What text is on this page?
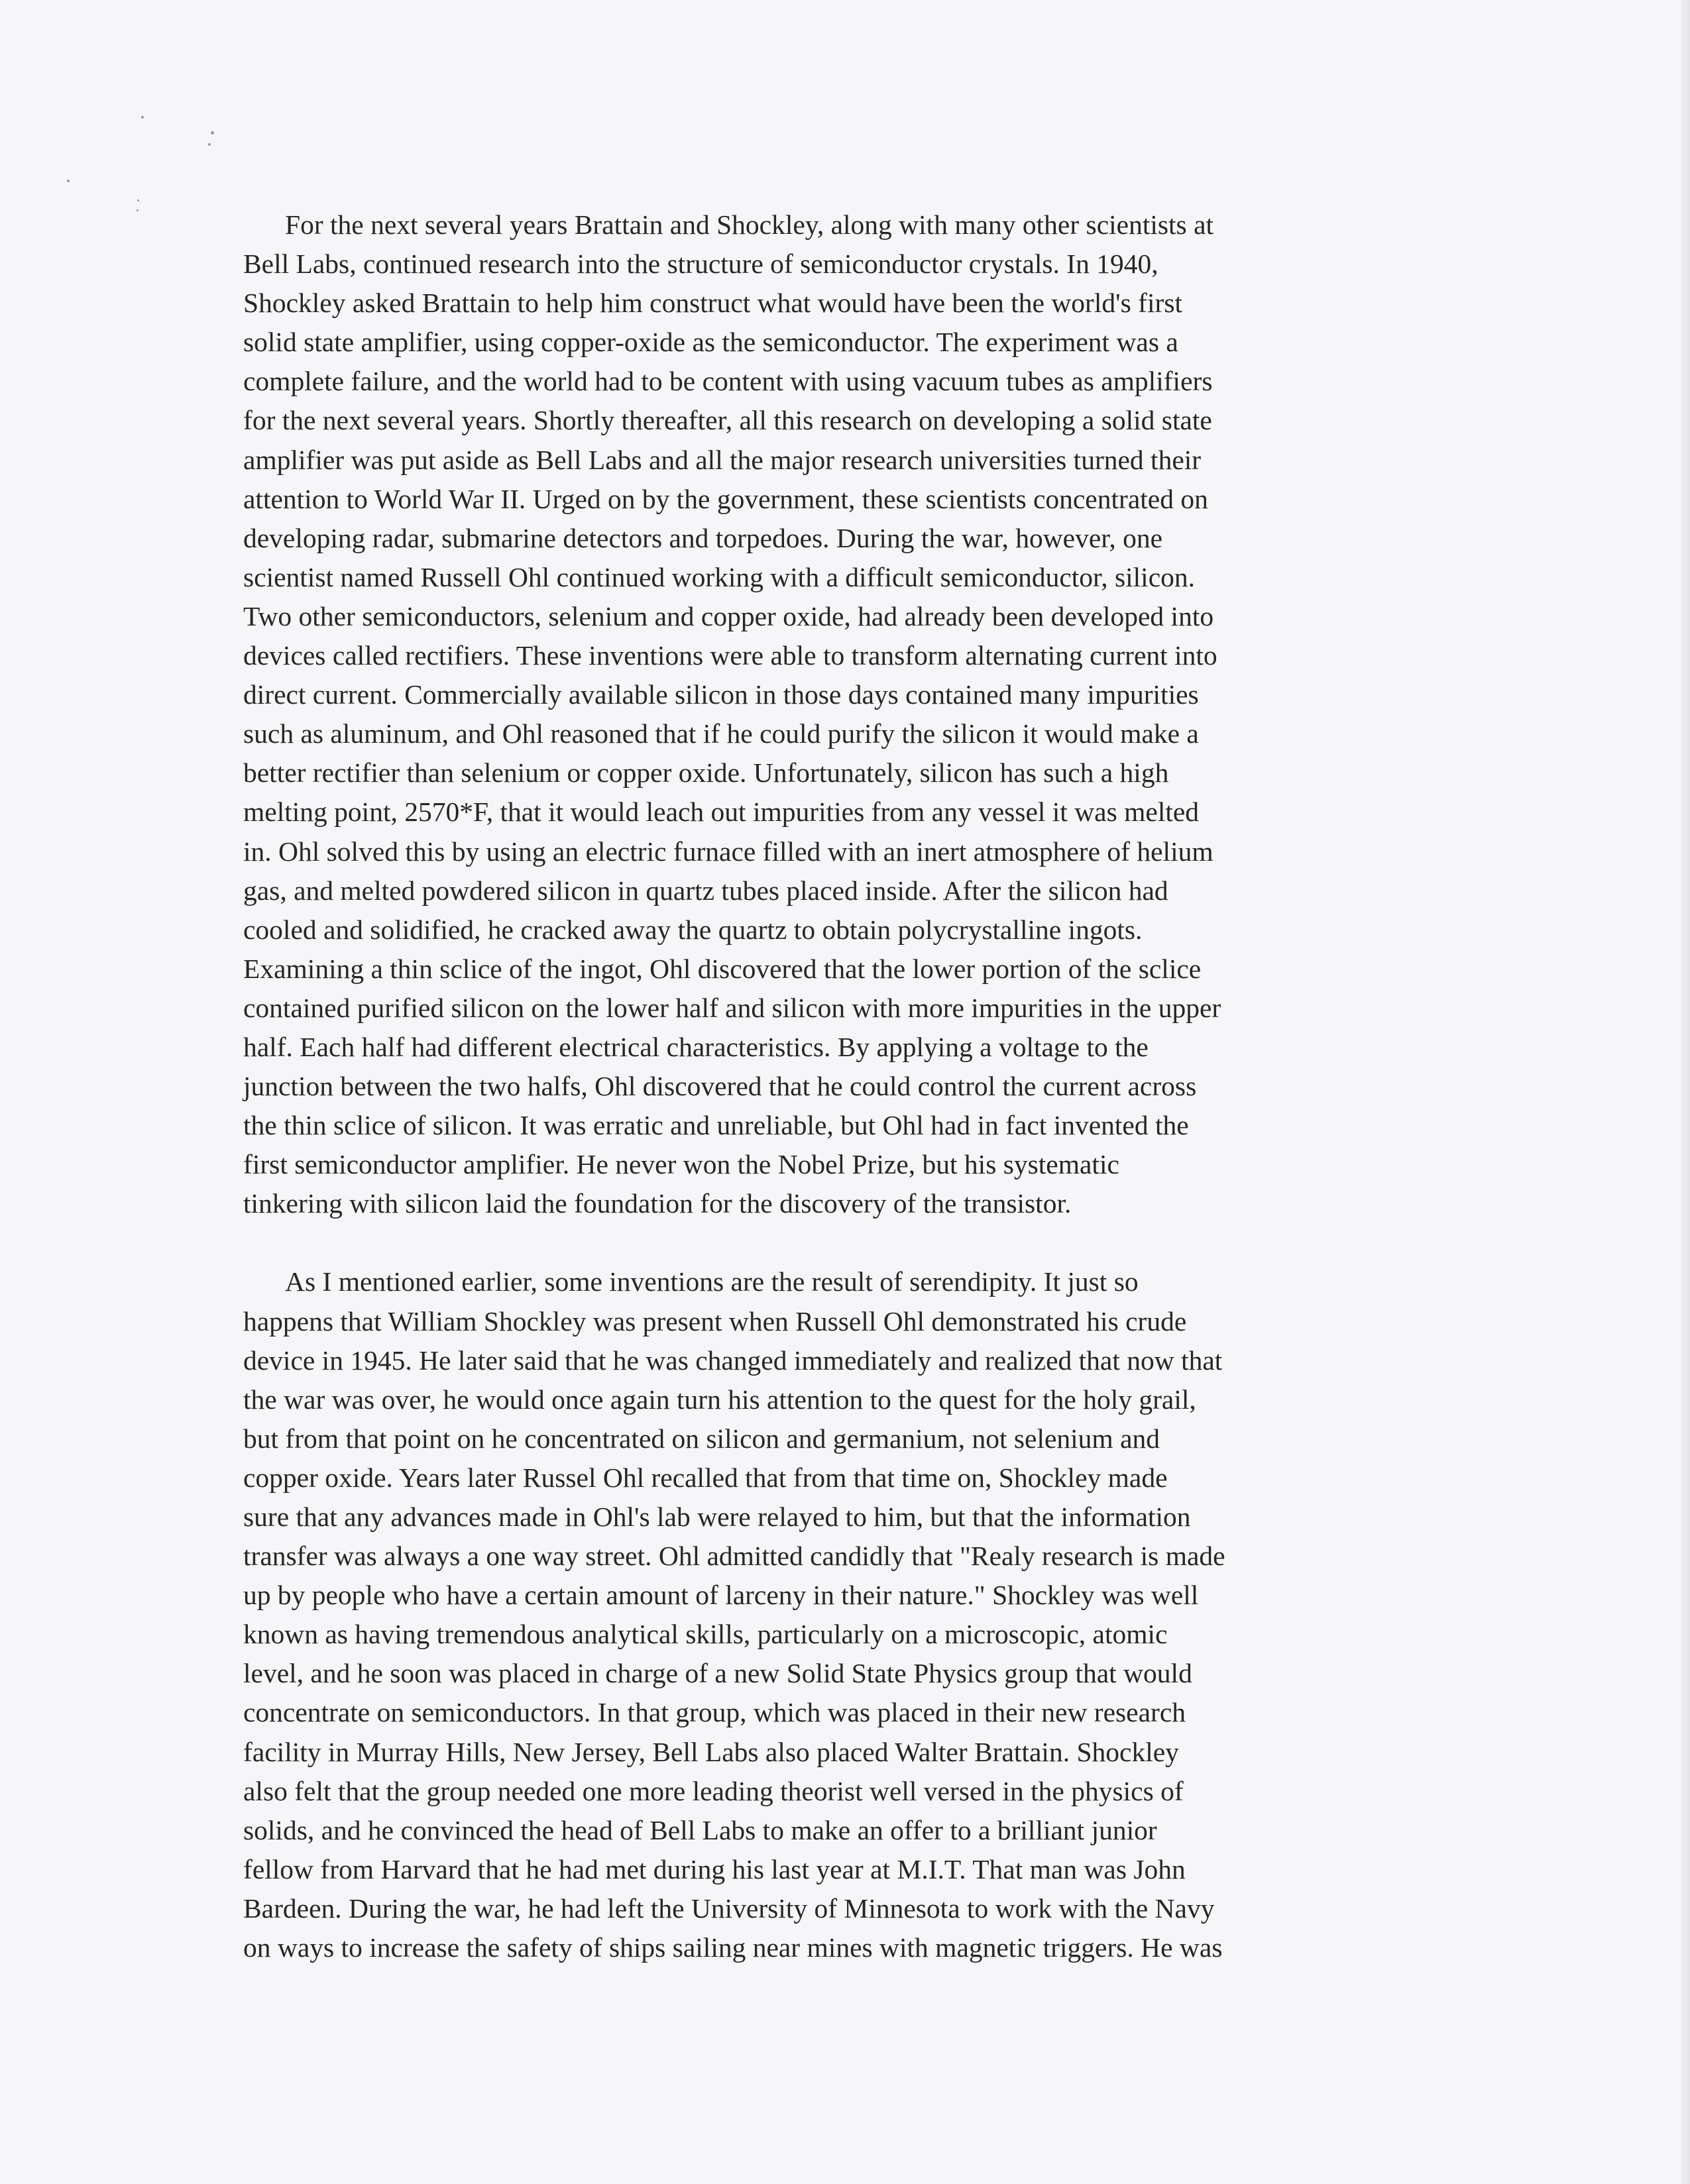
For the next several years Brattain and Shockley, along with many other scientists at
Bell Labs, continued research into the structure of semiconductor crystals. In 1940,
Shockley asked Brattain to help him construct what would have been the world's first
solid state amplifier, using copper-oxide as the semiconductor. The experiment was a
complete failure, and the world had to be content with using vacuum tubes as amplifiers
for the next several years. Shortly thereafter, all this research on developing a solid state
amplifier was put aside as Bell Labs and all the major research universities turned their
attention to World War II. Urged on by the government, these scientists concentrated on
developing radar, submarine detectors and torpedoes. During the war, however, one
scientist named Russell Ohl continued working with a difficult semiconductor, silicon.
Two other semiconductors, selenium and copper oxide, had already been developed into
devices called rectifiers. These inventions were able to transform alternating current into
direct current. Commercially available silicon in those days contained many impurities
such as aluminum, and Ohl reasoned that if he could purify the silicon it would make a
better rectifier than selenium or copper oxide. Unfortunately, silicon has such a high
melting point, 2570*F, that it would leach out impurities from any vessel it was melted
in. Ohl solved this by using an electric furnace filled with an inert atmosphere of helium
gas, and melted powdered silicon in quartz tubes placed inside. After the silicon had
cooled and solidified, he cracked away the quartz to obtain polycrystalline ingots.
Examining a thin sclice of the ingot, Ohl discovered that the lower portion of the sclice
contained purified silicon on the lower half and silicon with more impurities in the upper
half. Each half had different electrical characteristics. By applying a voltage to the
junction between the two halfs, Ohl discovered that he could control the current across
the thin sclice of silicon. It was erratic and unreliable, but Ohl had in fact invented the
first semiconductor amplifier. He never won the Nobel Prize, but his systematic
tinkering with silicon laid the foundation for the discovery of the transistor.
As I mentioned earlier, some inventions are the result of serendipity. It just so
happens that William Shockley was present when Russell Ohl demonstrated his crude
device in 1945. He later said that he was changed immediately and realized that now that
the war was over, he would once again turn his attention to the quest for the holy grail,
but from that point on he concentrated on silicon and germanium, not selenium and
copper oxide. Years later Russel Ohl recalled that from that time on, Shockley made
sure that any advances made in Ohl's lab were relayed to him, but that the information
transfer was always a one way street. Ohl admitted candidly that "Realy research is made
up by people who have a certain amount of larceny in their nature." Shockley was well
known as having tremendous analytical skills, particularly on a microscopic, atomic
level, and he soon was placed in charge of a new Solid State Physics group that would
concentrate on semiconductors. In that group, which was placed in their new research
facility in Murray Hills, New Jersey, Bell Labs also placed Walter Brattain. Shockley
also felt that the group needed one more leading theorist well versed in the physics of
solids, and he convinced the head of Bell Labs to make an offer to a brilliant junior
fellow from Harvard that he had met during his last year at M.I.T. That man was John
Bardeen. During the war, he had left the University of Minnesota to work with the Navy
on ways to increase the safety of ships sailing near mines with magnetic triggers. He was
